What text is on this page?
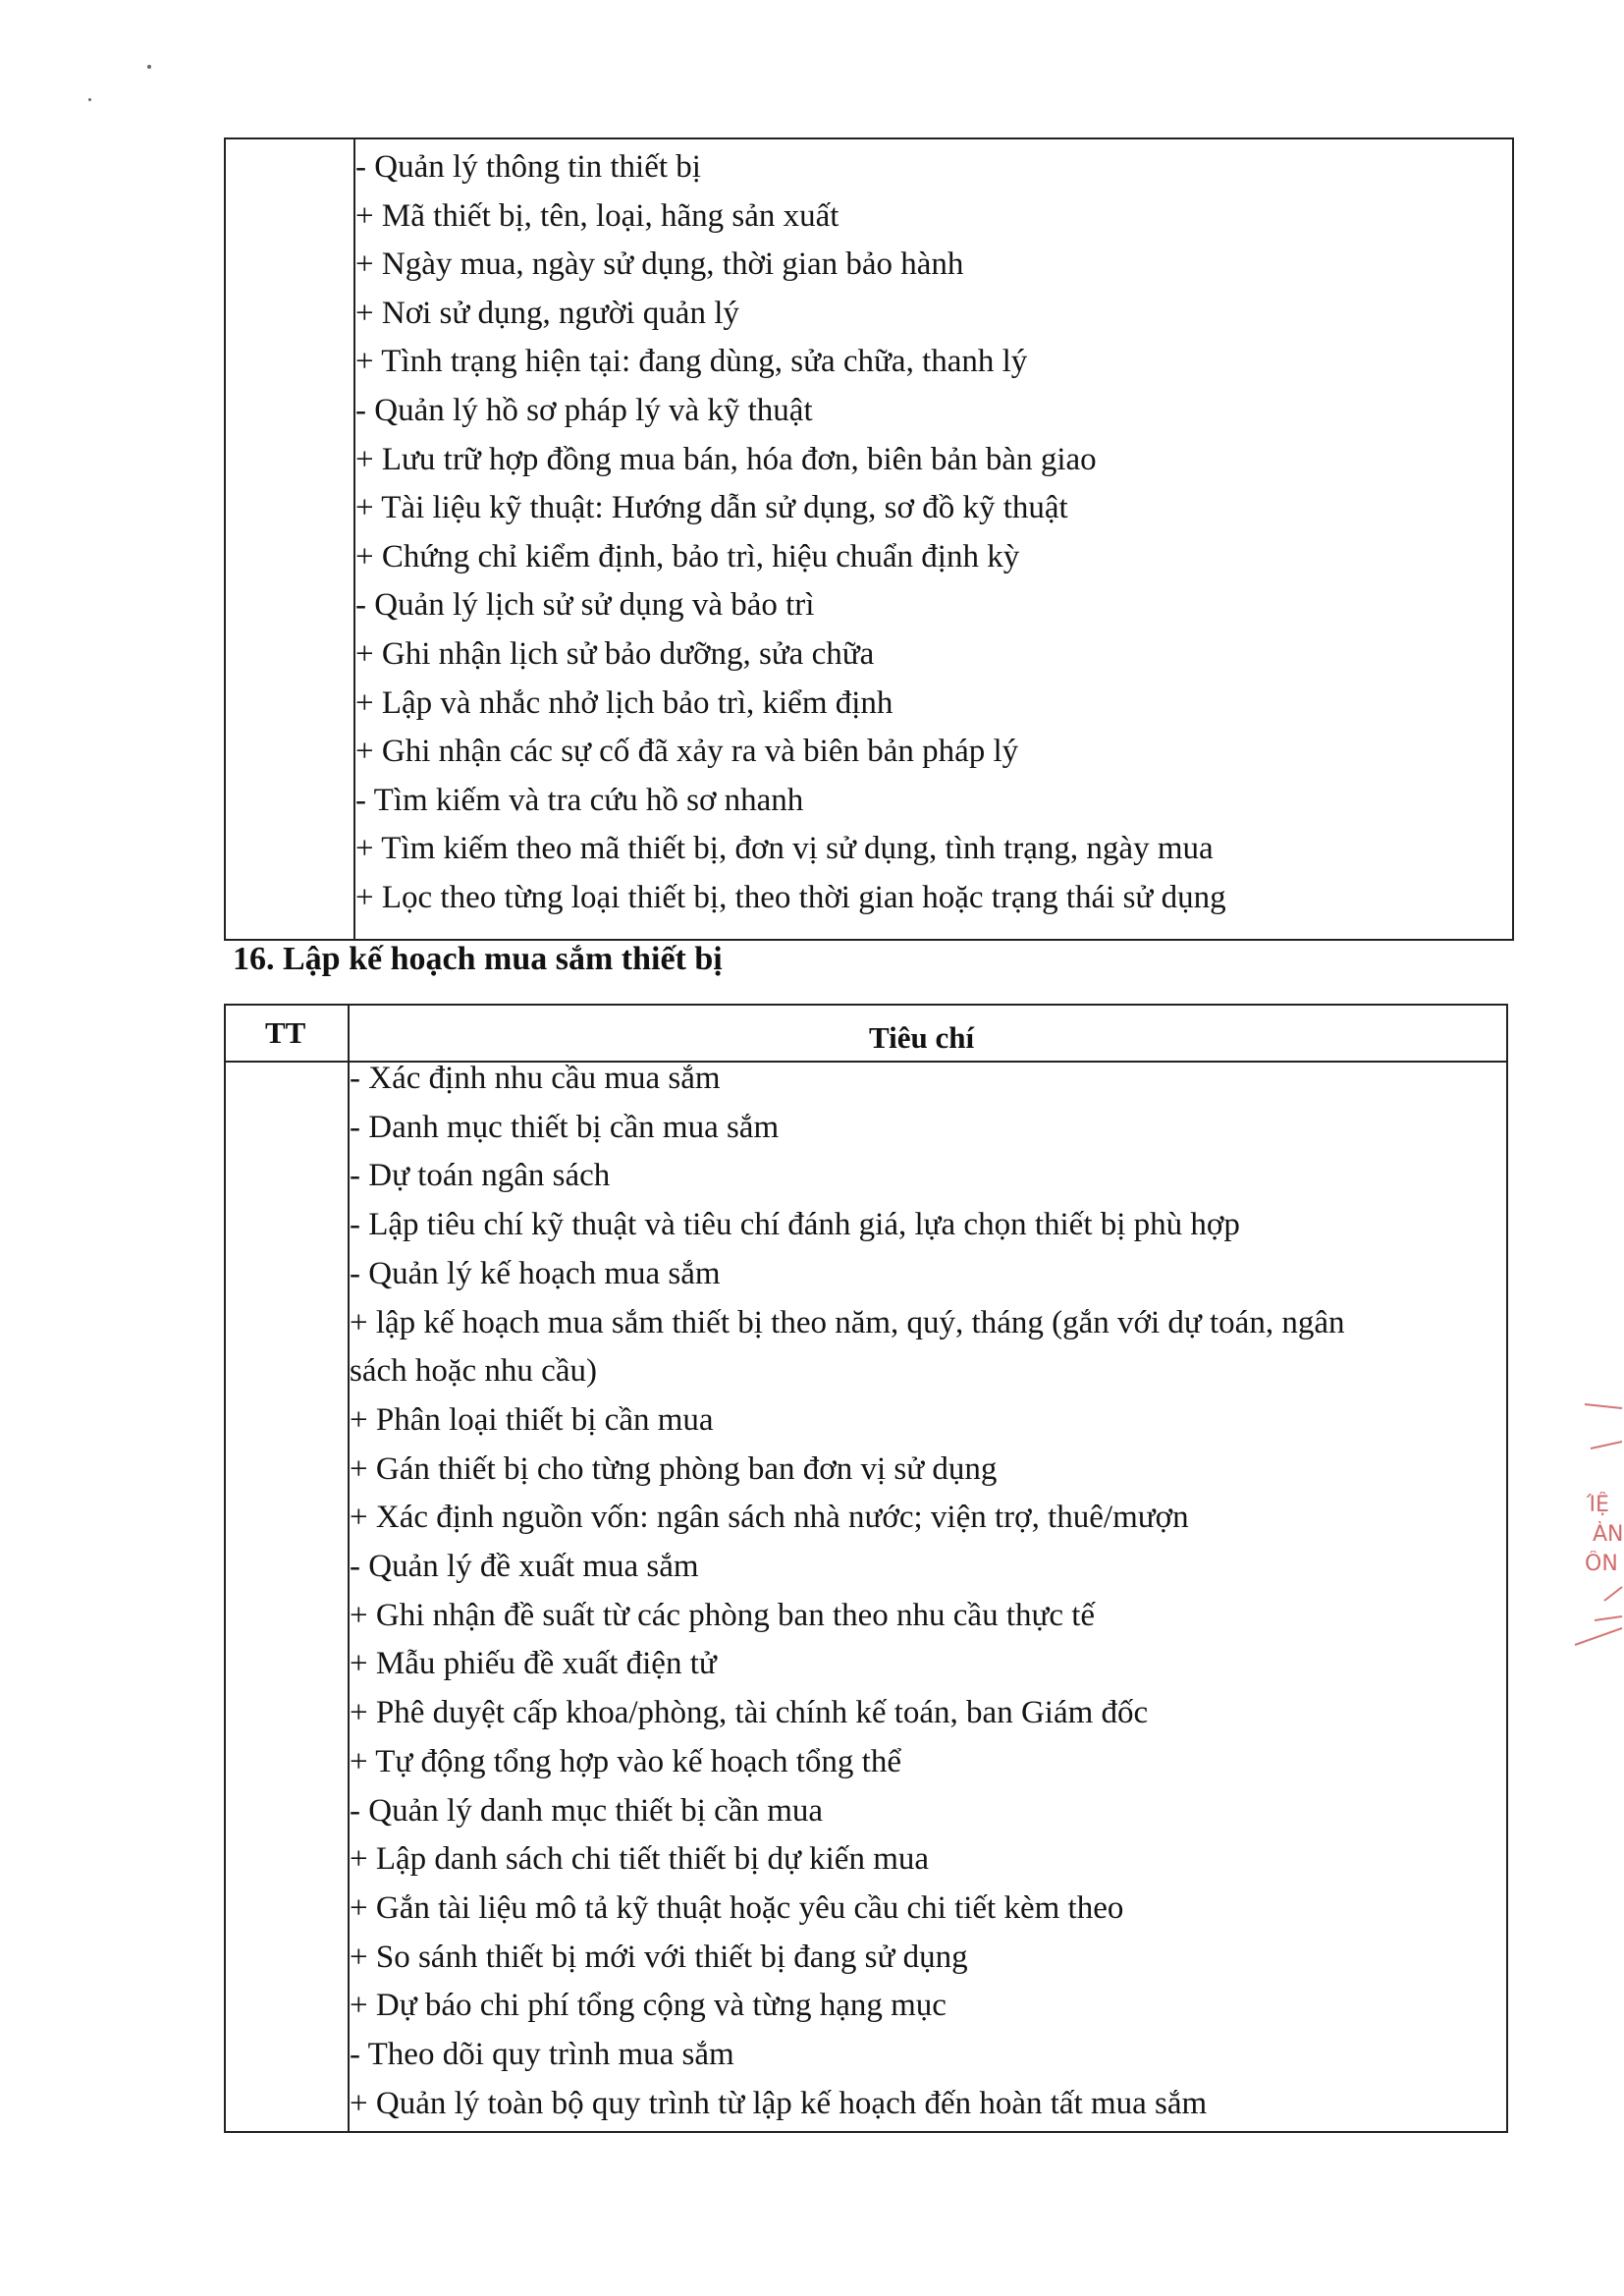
- Quản lý thông tin thiết bị
+ Mã thiết bị, tên, loại, hãng sản xuất
+ Ngày mua, ngày sử dụng, thời gian bảo hành
+ Nơi sử dụng, người quản lý
+ Tình trạng hiện tại: đang dùng, sửa chữa, thanh lý
- Quản lý hồ sơ pháp lý và kỹ thuật
+ Lưu trữ hợp đồng mua bán, hóa đơn, biên bản bàn giao
+ Tài liệu kỹ thuật: Hướng dẫn sử dụng, sơ đồ kỹ thuật
+ Chứng chỉ kiểm định, bảo trì, hiệu chuẩn định kỳ
- Quản lý lịch sử sử dụng và bảo trì
+ Ghi nhận lịch sử bảo dưỡng, sửa chữa
+ Lập và nhắc nhở lịch bảo trì, kiểm định
+ Ghi nhận các sự cố đã xảy ra và biên bản pháp lý
- Tìm kiếm và tra cứu hồ sơ nhanh
+ Tìm kiếm theo mã thiết bị, đơn vị sử dụng, tình trạng, ngày mua
+ Lọc theo từng loại thiết bị, theo thời gian hoặc trạng thái sử dụng
16. Lập kế hoạch mua sắm thiết bị
TT	Tiêu chí
- Xác định nhu cầu mua sắm
- Danh mục thiết bị cần mua sắm
- Dự toán ngân sách
- Lập tiêu chí kỹ thuật và tiêu chí đánh giá, lựa chọn thiết bị phù hợp
- Quản lý kế hoạch mua sắm
+ lập kế hoạch mua sắm thiết bị theo năm, quý, tháng (gắn với dự toán, ngân
sách hoặc nhu cầu)
+ Phân loại thiết bị cần mua
+ Gán thiết bị cho từng phòng ban đơn vị sử dụng
+ Xác định nguồn vốn: ngân sách nhà nước; viện trợ, thuê/mượn
- Quản lý đề xuất mua sắm
+ Ghi nhận đề suất từ các phòng ban theo nhu cầu thực tế
+ Mẫu phiếu đề xuất điện tử
+ Phê duyệt cấp khoa/phòng, tài chính kế toán, ban Giám đốc
+ Tự động tổng hợp vào kế hoạch tổng thể
- Quản lý danh mục thiết bị cần mua
+ Lập danh sách chi tiết thiết bị dự kiến mua
+ Gắn tài liệu mô tả kỹ thuật hoặc yêu cầu chi tiết kèm theo
+ So sánh thiết bị mới với thiết bị đang sử dụng
+ Dự báo chi phí tổng cộng và từng hạng mục
- Theo dõi quy trình mua sắm
+ Quản lý toàn bộ quy trình từ lập kế hoạch đến hoàn tất mua sắm
ΊỆ
ÀN
ÔN
